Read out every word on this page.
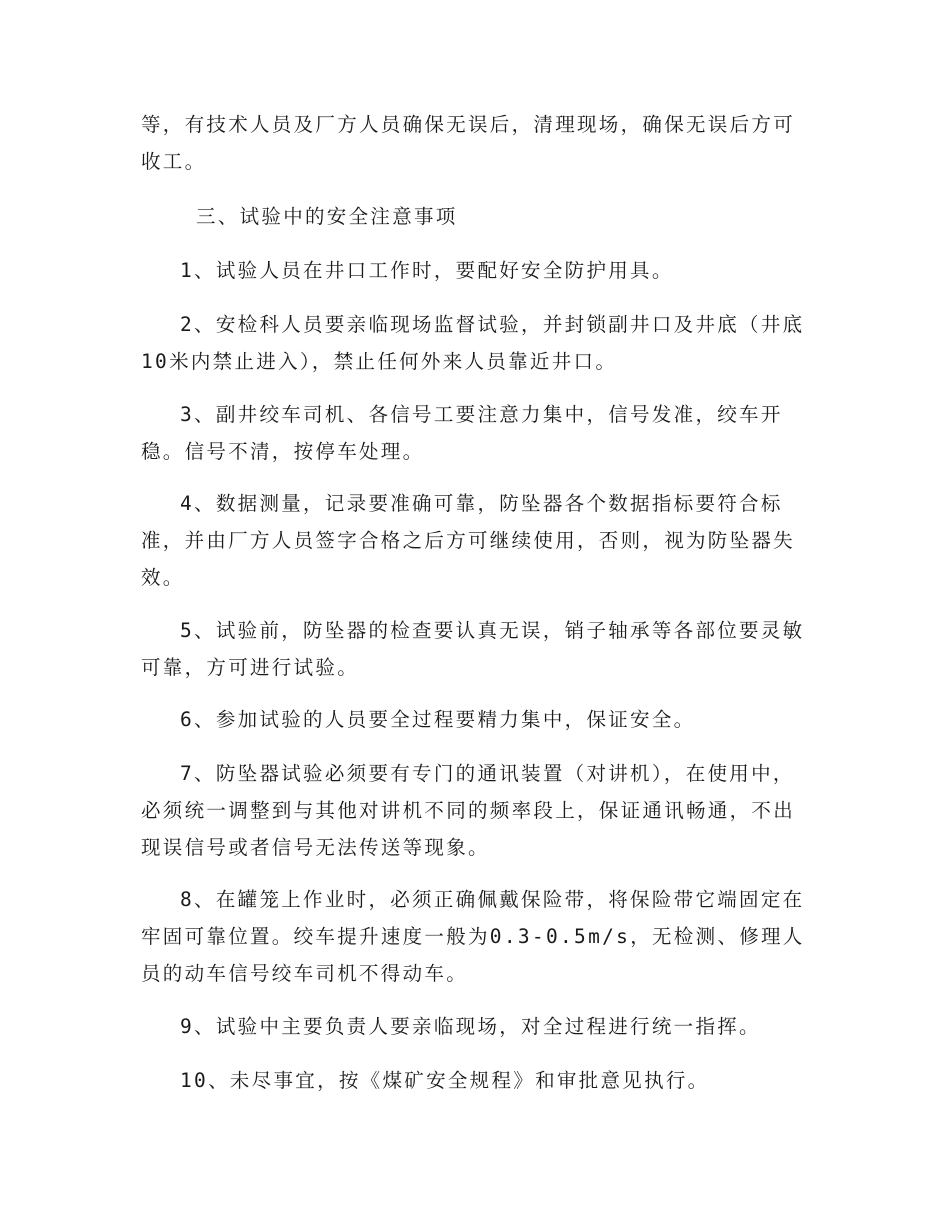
等，有技术人员及厂方人员确保无误后，清理现场，确保无误后方可收工。
三、试验中的安全注意事项
1、试验人员在井口工作时，要配好安全防护用具。
2、安检科人员要亲临现场监督试验，并封锁副井口及井底（井底10米内禁止进入），禁止任何外来人员靠近井口。
3、副井绞车司机、各信号工要注意力集中，信号发准，绞车开稳。信号不清，按停车处理。
4、数据测量，记录要准确可靠，防坠器各个数据指标要符合标准，并由厂方人员签字合格之后方可继续使用，否则，视为防坠器失效。
5、试验前，防坠器的检查要认真无误，销子轴承等各部位要灵敏可靠，方可进行试验。
6、参加试验的人员要全过程要精力集中，保证安全。
7、防坠器试验必须要有专门的通讯装置（对讲机），在使用中，必须统一调整到与其他对讲机不同的频率段上，保证通讯畅通，不出现误信号或者信号无法传送等现象。
8、在罐笼上作业时，必须正确佩戴保险带，将保险带它端固定在牢固可靠位置。绞车提升速度一般为0.3-0.5m/s，无检测、修理人员的动车信号绞车司机不得动车。
9、试验中主要负责人要亲临现场，对全过程进行统一指挥。
10、未尽事宜，按《煤矿安全规程》和审批意见执行。
